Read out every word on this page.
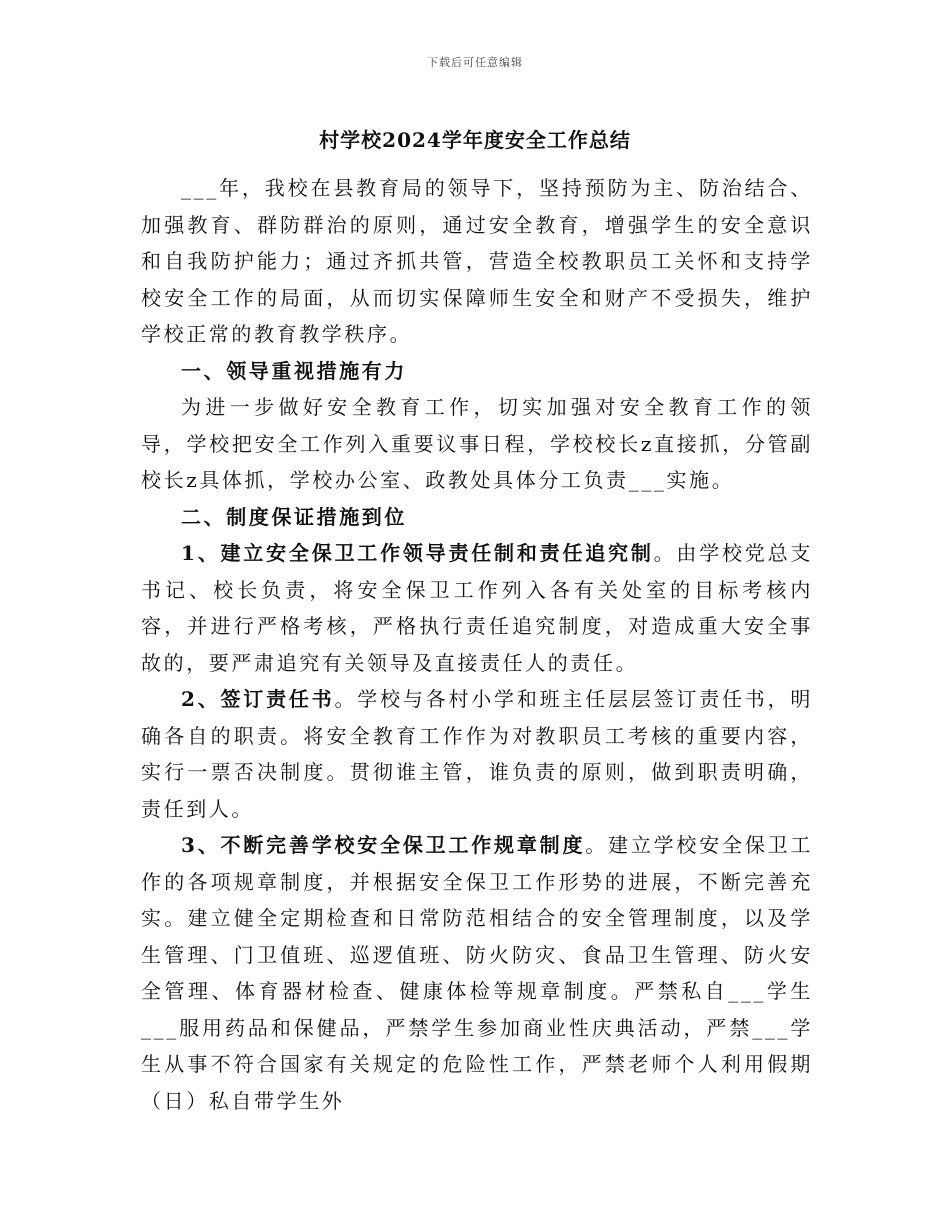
下载后可任意编辑
村学校2024学年度安全工作总结

___年，我校在县教育局的领导下，坚持预防为主、防治结合、加强教育、群防群治的原则，通过安全教育，增强学生的安全意识和自我防护能力；通过齐抓共管，营造全校教职员工关怀和支持学校安全工作的局面，从而切实保障师生安全和财产不受损失，维护学校正常的教育教学秩序。

一、领导重视措施有力

为进一步做好安全教育工作，切实加强对安全教育工作的领导，学校把安全工作列入重要议事日程，学校校长z直接抓，分管副校长z具体抓，学校办公室、政教处具体分工负责___实施。

二、制度保证措施到位

1、建立安全保卫工作领导责任制和责任追究制。由学校党总支书记、校长负责，将安全保卫工作列入各有关处室的目标考核内容，并进行严格考核，严格执行责任追究制度，对造成重大安全事故的，要严肃追究有关领导及直接责任人的责任。

2、签订责任书。学校与各村小学和班主任层层签订责任书，明确各自的职责。将安全教育工作作为对教职员工考核的重要内容，实行一票否决制度。贯彻谁主管，谁负责的原则，做到职责明确，责任到人。

3、不断完善学校安全保卫工作规章制度。建立学校安全保卫工作的各项规章制度，并根据安全保卫工作形势的进展，不断完善充实。建立健全定期检查和日常防范相结合的安全管理制度，以及学生管理、门卫值班、巡逻值班、防火防灾、食品卫生管理、防火安全管理、体育器材检查、健康体检等规章制度。严禁私自___学生___服用药品和保健品，严禁学生参加商业性庆典活动，严禁___学生从事不符合国家有关规定的危险性工作，严禁老师个人利用假期（日）私自带学生外
